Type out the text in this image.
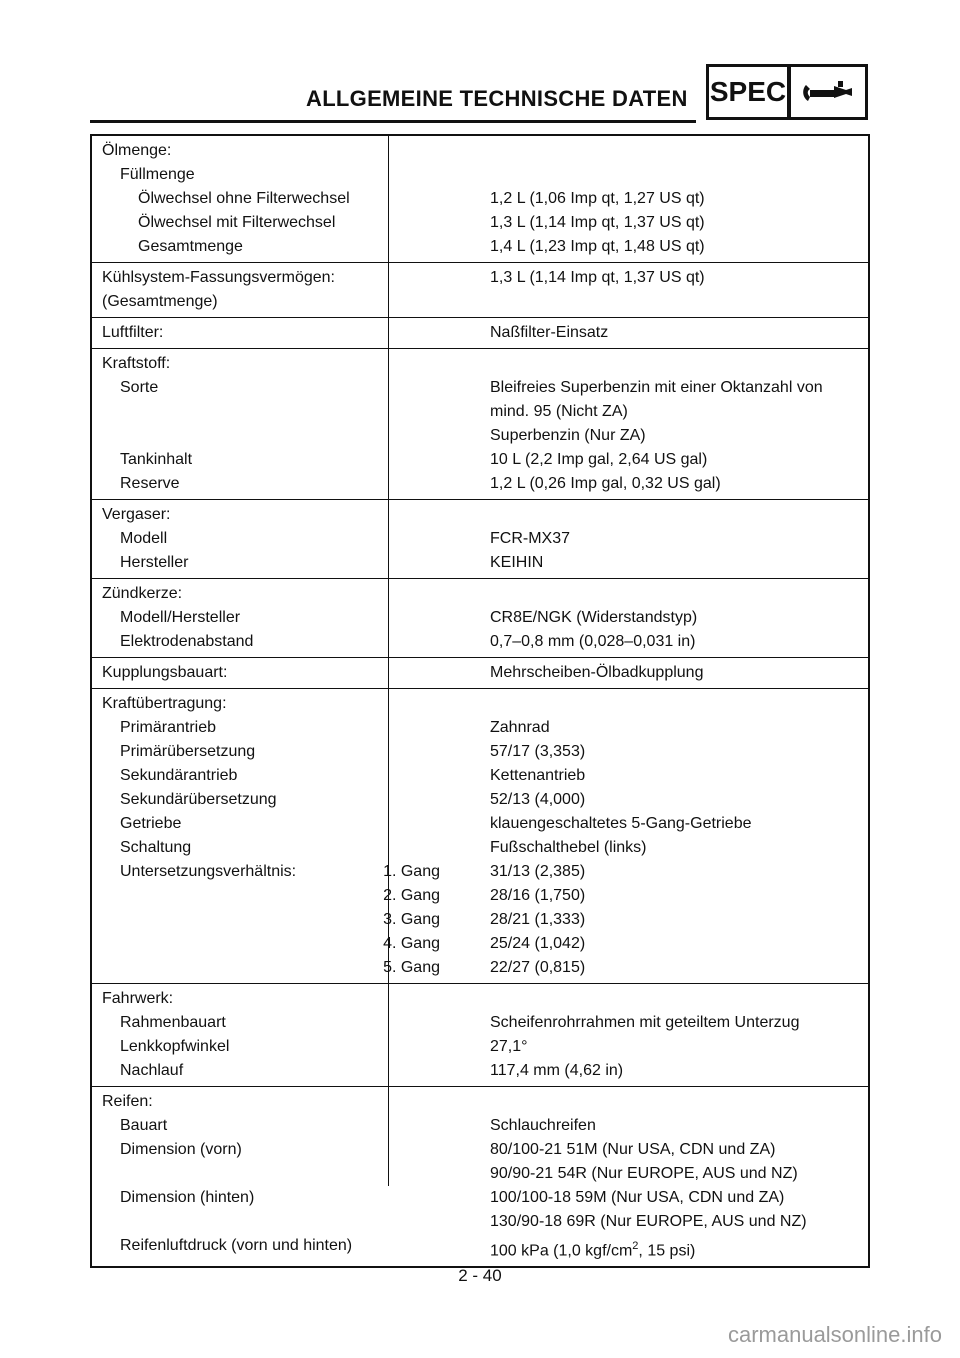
ALLGEMEINE TECHNISCHE DATEN SPEC
Ölmenge:
Füllmenge
Ölwechsel ohne Filterwechsel	1,2 L (1,06 Imp qt, 1,27 US qt)
Ölwechsel mit Filterwechsel	1,3 L (1,14 Imp qt, 1,37 US qt)
Gesamtmenge	1,4 L (1,23 Imp qt, 1,48 US qt)
Kühlsystem-Fassungsvermögen:	1,3 L (1,14 Imp qt, 1,37 US qt)
(Gesamtmenge)
Luftfilter:	Naßfilter-Einsatz
Kraftstoff:
Sorte	Bleifreies Superbenzin mit einer Oktanzahl von
mind. 95 (Nicht ZA)
Superbenzin (Nur ZA)
Tankinhalt	10 L (2,2 Imp gal, 2,64 US gal)
Reserve	1,2 L (0,26 Imp gal, 0,32 US gal)
Vergaser:
Modell	FCR-MX37
Hersteller	KEIHIN
Zündkerze:
Modell/Hersteller	CR8E/NGK (Widerstandstyp)
Elektrodenabstand	0,7–0,8 mm (0,028–0,031 in)
Kupplungsbauart:	Mehrscheiben-Ölbadkupplung
Kraftübertragung:
Primärantrieb	Zahnrad
Primärübersetzung	57/17 (3,353)
Sekundärantrieb	Kettenantrieb
Sekundärübersetzung	52/13 (4,000)
Getriebe	klauengeschaltetes 5-Gang-Getriebe
Schaltung	Fußschalthebel (links)
Untersetzungsverhältnis:	1. Gang	31/13 (2,385)
2. Gang	28/16 (1,750)
3. Gang	28/21 (1,333)
4. Gang	25/24 (1,042)
5. Gang	22/27 (0,815)
Fahrwerk:
Rahmenbauart	Scheifenrohrrahmen mit geteiltem Unterzug
Lenkkopfwinkel	27,1°
Nachlauf	117,4 mm (4,62 in)
Reifen:
Bauart	Schlauchreifen
Dimension (vorn)	80/100-21 51M (Nur USA, CDN und ZA)
90/90-21 54R (Nur EUROPE, AUS und NZ)
Dimension (hinten)	100/100-18 59M (Nur USA, CDN und ZA)
130/90-18 69R (Nur EUROPE, AUS und NZ)
Reifenluftdruck (vorn und hinten)	100 kPa (1,0 kgf/$cm^2$, 15 psi)
2 - 40
carmanualsonline.info
